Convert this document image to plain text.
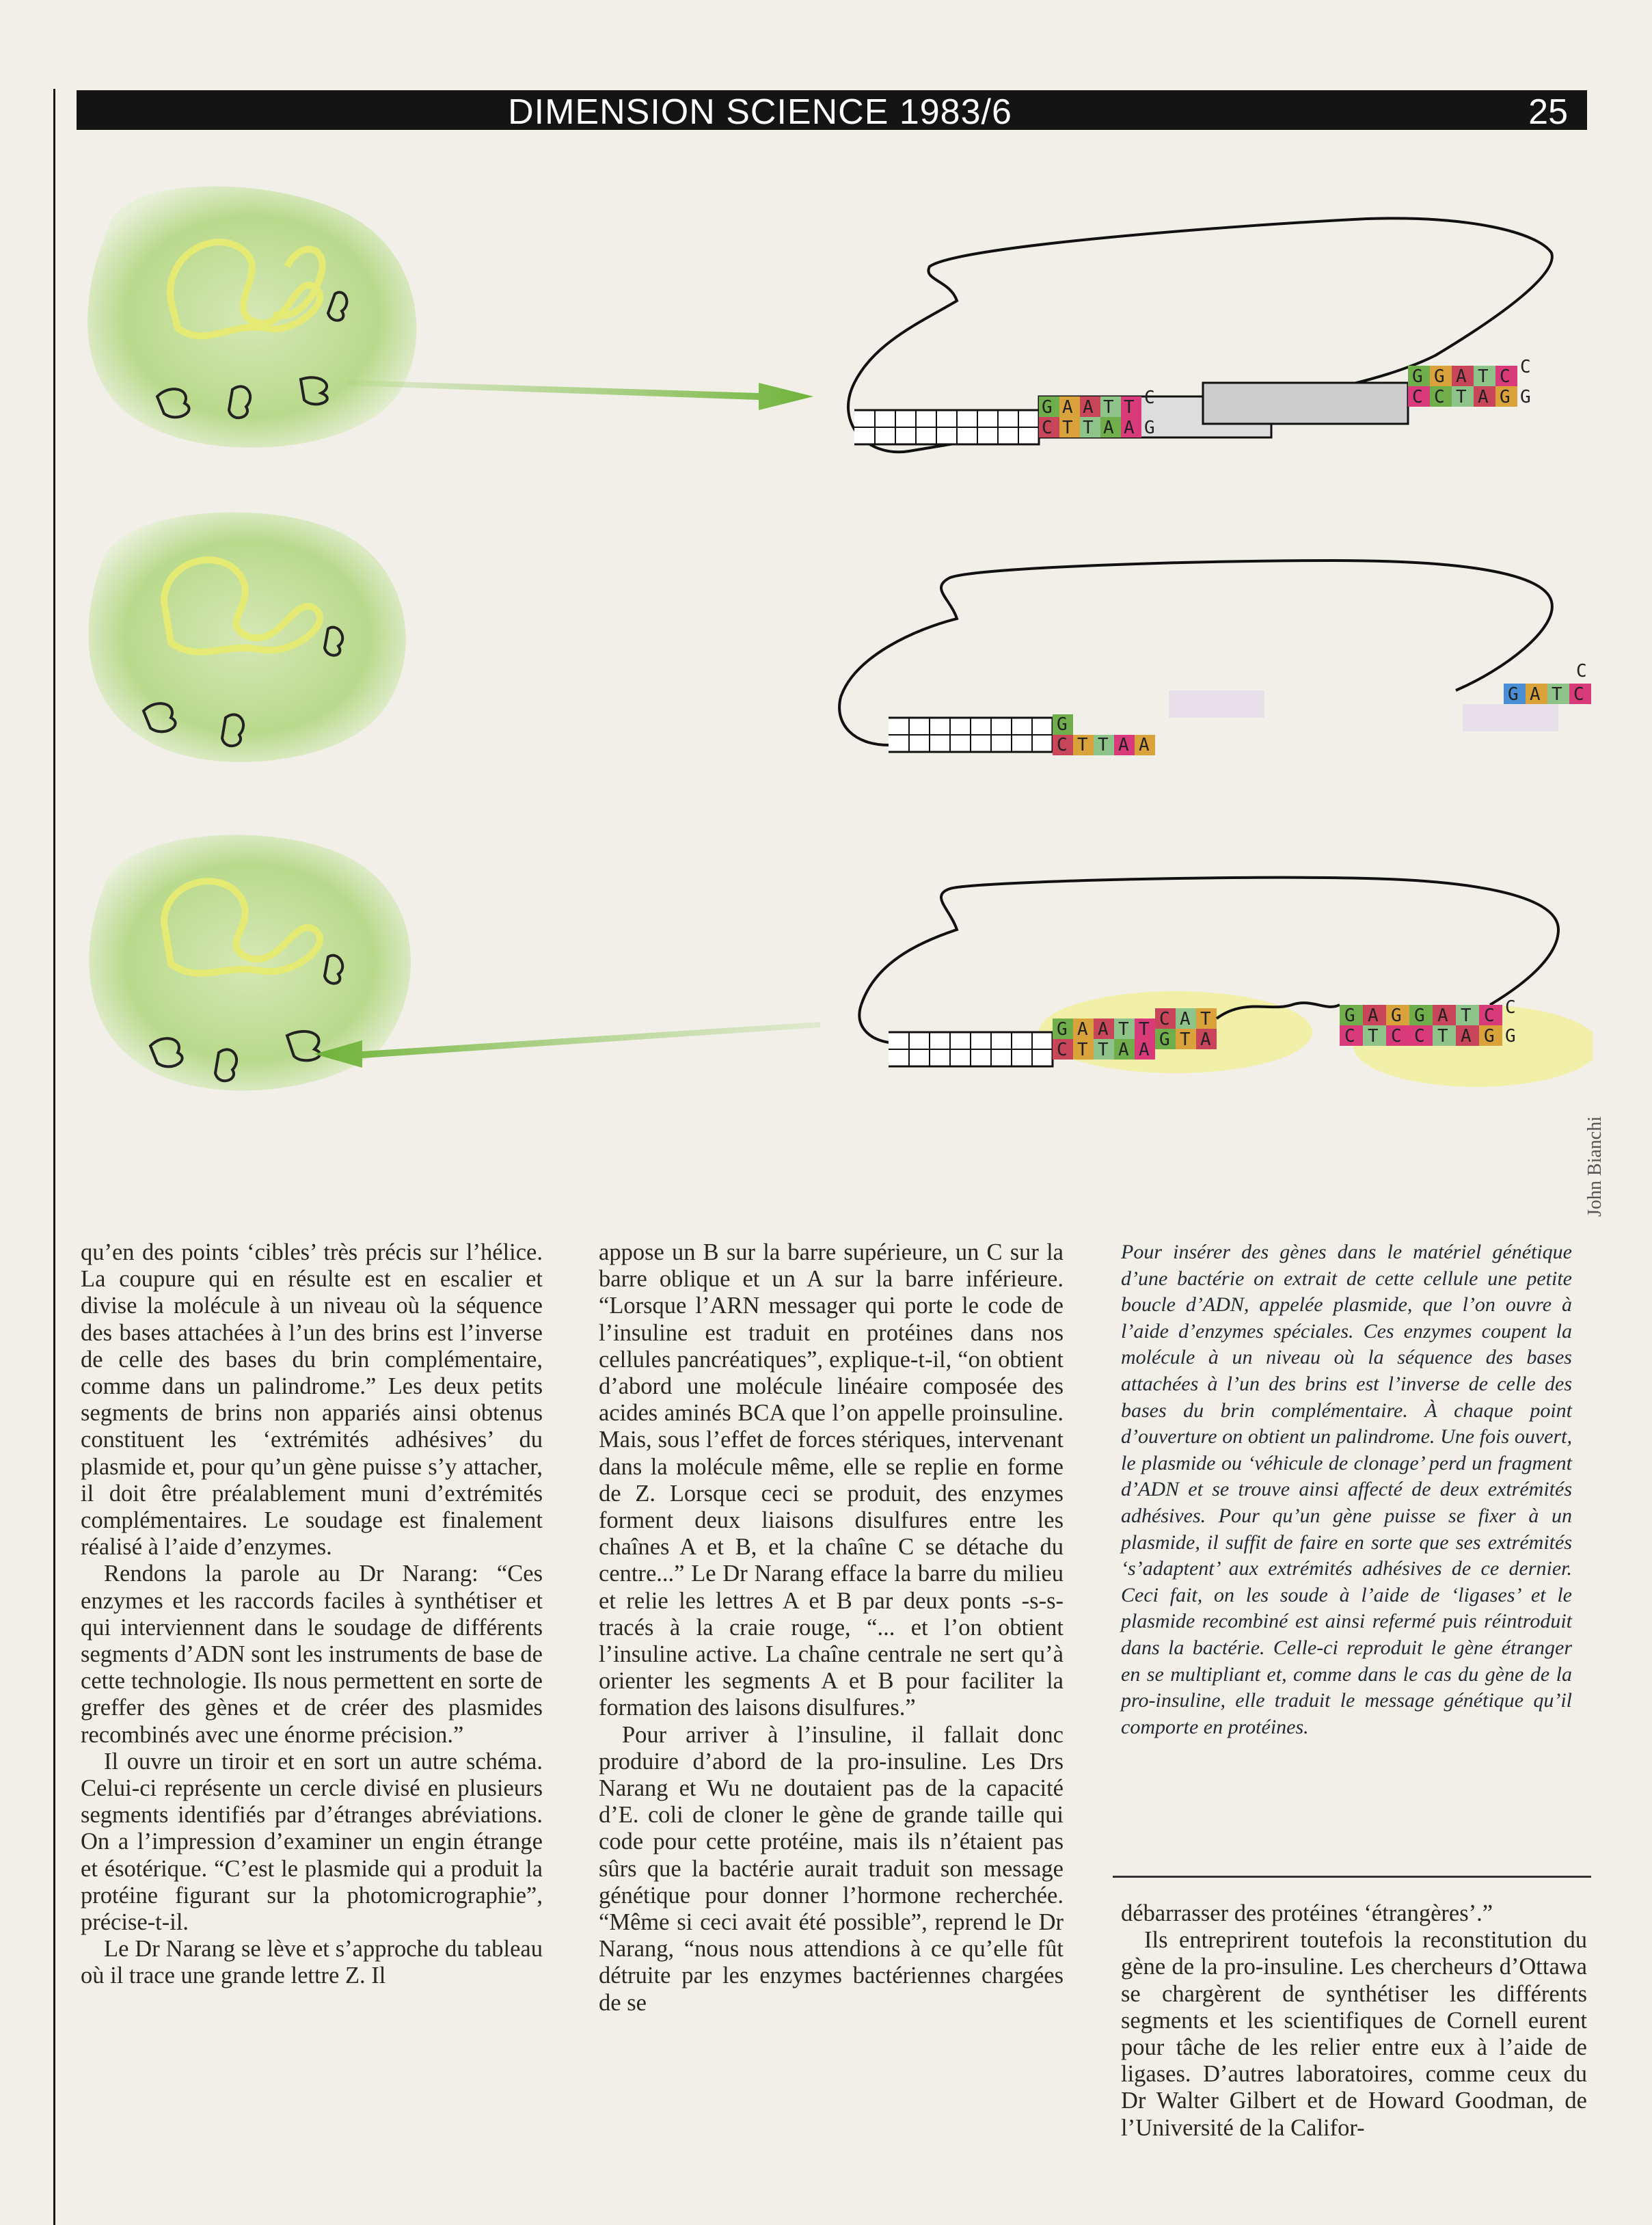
DIMENSION SCIENCE 1983/6	25
G A A T T C
C T T A A G
G G A T C C
C C T A G G
G
C T T A A
G A T C
C
G A A T T C A T
C T T A A G T A
G A G G A T C C
C T C C T A G G
John Bianchi

qu’en des points ‘cibles’ très précis sur l’hélice. La coupure qui en résulte est en escalier et divise la molécule à un niveau où la séquence des bases attachées à l’un des brins est l’inverse de celle des bases du brin complémentaire, comme dans un palindrome.” Les deux petits segments de brins non appariés ainsi obtenus constituent les ‘extrémités adhésives’ du plasmide et, pour qu’un gène puisse s’y attacher, il doit être préalablement muni d’extrémités complémentaires. Le soudage est finalement réalisé à l’aide d’enzymes.

Rendons la parole au Dr Narang: “Ces enzymes et les raccords faciles à synthétiser et qui interviennent dans le soudage de différents segments d’ADN sont les instruments de base de cette technologie. Ils nous permettent en sorte de greffer des gènes et de créer des plasmides recombinés avec une énorme précision.”

Il ouvre un tiroir et en sort un autre schéma. Celui-ci représente un cercle divisé en plusieurs segments identifiés par d’étranges abréviations. On a l’impression d’examiner un engin étrange et ésotérique. “C’est le plasmide qui a produit la protéine figurant sur la photomicrographie”, précise-t-il.

Le Dr Narang se lève et s’approche du tableau où il trace une grande lettre Z. Il

appose un B sur la barre supérieure, un C sur la barre oblique et un A sur la barre inférieure. “Lorsque l’ARN messager qui porte le code de l’insuline est traduit en protéines dans nos cellules pancréatiques”, explique-t-il, “on obtient d’abord une molécule linéaire composée des acides aminés BCA que l’on appelle proinsuline. Mais, sous l’effet de forces stériques, intervenant dans la molécule même, elle se replie en forme de Z. Lorsque ceci se produit, des enzymes forment deux liaisons disulfures entre les chaînes A et B, et la chaîne C se détache du centre...” Le Dr Narang efface la barre du milieu et relie les lettres A et B par deux ponts -s-s- tracés à la craie rouge, “... et l’on obtient l’insuline active. La chaîne centrale ne sert qu’à orienter les segments A et B pour faciliter la formation des laisons disulfures.”

Pour arriver à l’insuline, il fallait donc produire d’abord de la pro-insuline. Les Drs Narang et Wu ne doutaient pas de la capacité d’E. coli de cloner le gène de grande taille qui code pour cette protéine, mais ils n’étaient pas sûrs que la bactérie aurait traduit son message génétique pour donner l’hormone recherchée. “Même si ceci avait été possible”, reprend le Dr Narang, “nous nous attendions à ce qu’elle fût détruite par les enzymes bactériennes chargées de se

Pour insérer des gènes dans le matériel génétique d’une bactérie on extrait de cette cellule une petite boucle d’ADN, appelée plasmide, que l’on ouvre à l’aide d’enzymes spéciales. Ces enzymes coupent la molécule à un niveau où la séquence des bases attachées à l’un des brins est l’inverse de celle des bases du brin complémentaire. À chaque point d’ouverture on obtient un palindrome. Une fois ouvert, le plasmide ou ‘véhicule de clonage’ perd un fragment d’ADN et se trouve ainsi affecté de deux extrémités adhésives. Pour qu’un gène puisse se fixer à un plasmide, il suffit de faire en sorte que ses extrémités ‘s’adaptent’ aux extrémités adhésives de ce dernier. Ceci fait, on les soude à l’aide de ‘ligases’ et le plasmide recombiné est ainsi refermé puis réintroduit dans la bactérie. Celle-ci reproduit le gène étranger en se multipliant et, comme dans le cas du gène de la pro-insuline, elle traduit le message génétique qu’il comporte en protéines.

débarrasser des protéines ‘étrangères’.”

Ils entreprirent toutefois la reconstitution du gène de la pro-insuline. Les chercheurs d’Ottawa se chargèrent de synthétiser les différents segments et les scientifiques de Cornell eurent pour tâche de les relier entre eux à l’aide de ligases. D’autres laboratoires, comme ceux du Dr Walter Gilbert et de Howard Goodman, de l’Université de la Califor-
